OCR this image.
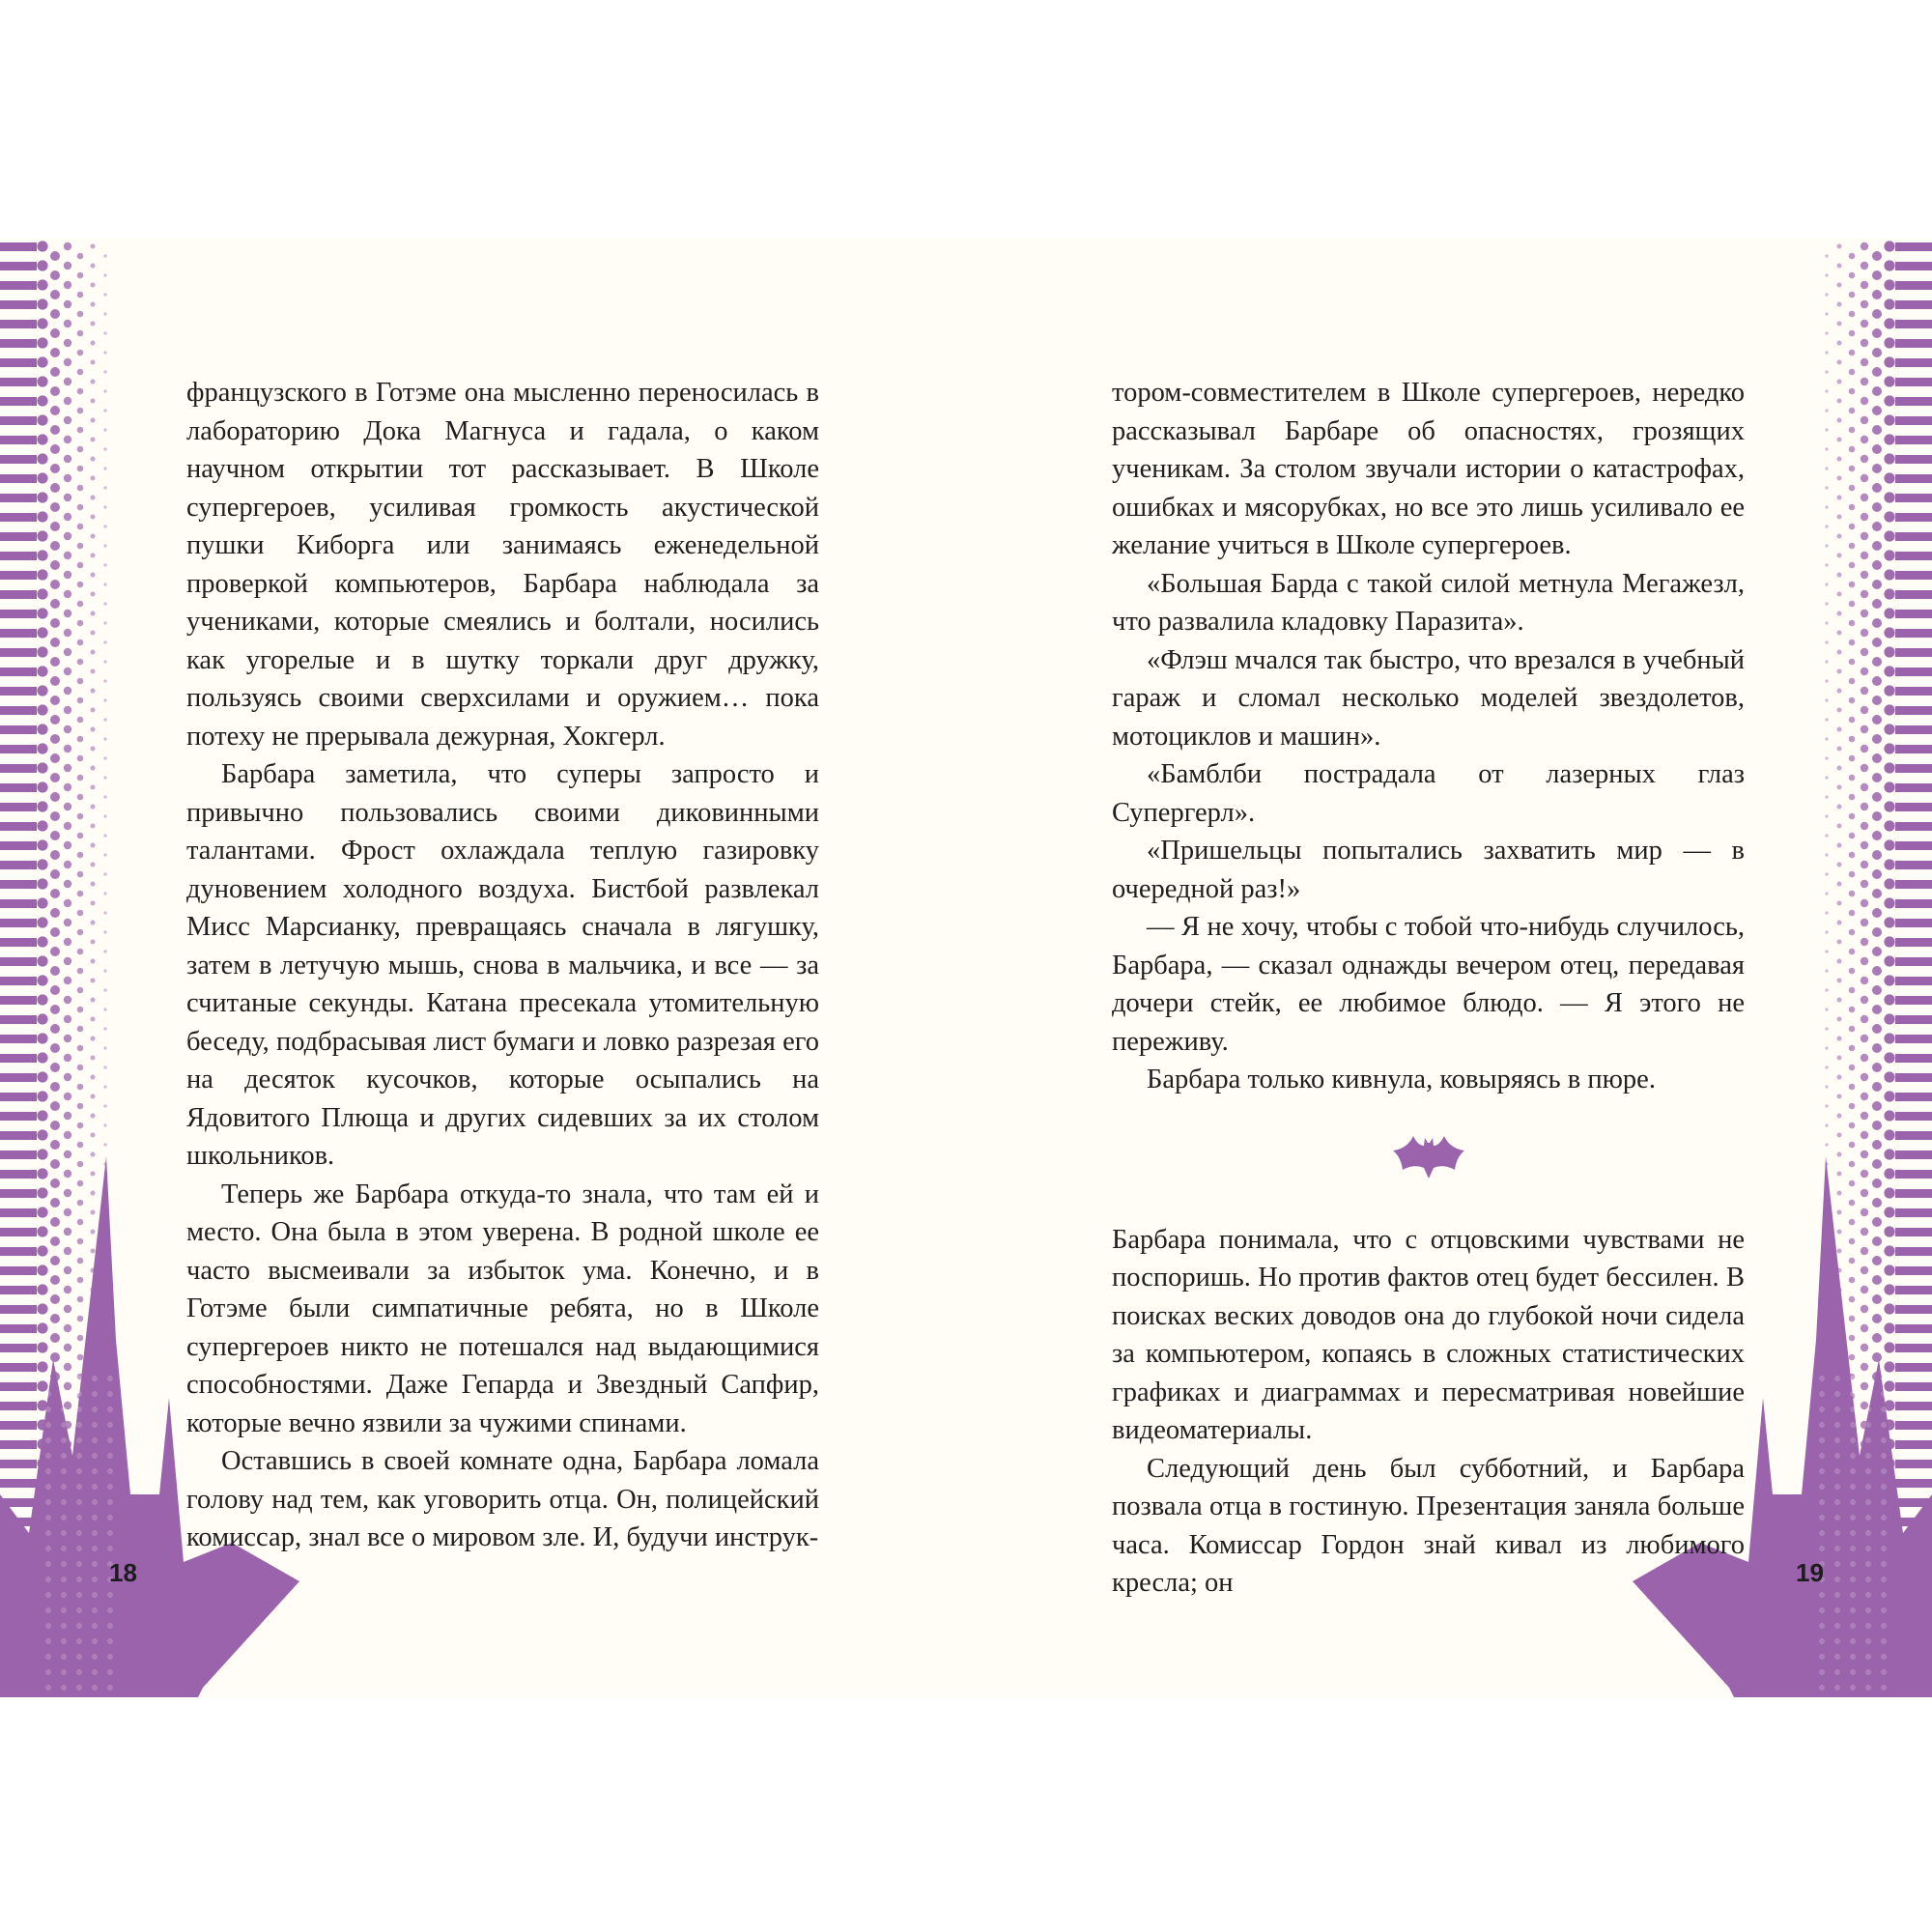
французского в Готэме она мысленно переносилась в лабораторию Дока Магнуса и гадала, о каком научном открытии тот рассказывает. В Школе супергероев, усиливая громкость акустической пушки Киборга или занимаясь еженедельной проверкой компьютеров, Барбара наблюдала за учениками, которые смеялись и болтали, носились как угорелые и в шутку торкали друг дружку, пользуясь своими сверхсилами и оружием… пока потеху не прерывала дежурная, Хокгерл.

Барбара заметила, что суперы запросто и привычно пользовались своими диковинными талантами. Фрост охлаждала теплую газировку дуновением холодного воздуха. Бистбой развлекал Мисс Марсианку, превращаясь сначала в лягушку, затем в летучую мышь, снова в мальчика, и все — за считаные секунды. Катана пресекала утомительную беседу, подбрасывая лист бумаги и ловко разрезая его на десяток кусочков, которые осыпались на Ядовитого Плюща и других сидевших за их столом школьников.

Теперь же Барбара откуда-то знала, что там ей и место. Она была в этом уверена. В родной школе ее часто высмеивали за избыток ума. Конечно, и в Готэме были симпатичные ребята, но в Школе супергероев никто не потешался над выдающимися способностями. Даже Гепарда и Звездный Сапфир, которые вечно язвили за чужими спинами.

Оставшись в своей комнате одна, Барбара ломала голову над тем, как уговорить отца. Он, полицейский комиссар, знал все о мировом зле. И, будучи инструк-

тором-совместителем в Школе супергероев, нередко рассказывал Барбаре об опасностях, грозящих ученикам. За столом звучали истории о катастрофах, ошибках и мясорубках, но все это лишь усиливало ее желание учиться в Школе супергероев.

«Большая Барда с такой силой метнула Мегажезл, что развалила кладовку Паразита».

«Флэш мчался так быстро, что врезался в учебный гараж и сломал несколько моделей звездолетов, мотоциклов и машин».

«Бамблби пострадала от лазерных глаз Супергерл».

«Пришельцы попытались захватить мир — в очередной раз!»

— Я не хочу, чтобы с тобой что-нибудь случилось, Барбара, — сказал однажды вечером отец, передавая дочери стейк, ее любимое блюдо. — Я этого не переживу.

Барбара только кивнула, ковыряясь в пюре.

Барбара понимала, что с отцовскими чувствами не поспоришь. Но против фактов отец будет бессилен. В поисках веских доводов она до глубокой ночи сидела за компьютером, копаясь в сложных статистических графиках и диаграммах и пересматривая новейшие видеоматериалы.

Следующий день был субботний, и Барбара позвала отца в гостиную. Презентация заняла больше часа. Комиссар Гордон знай кивал из любимого кресла; он

18	19
